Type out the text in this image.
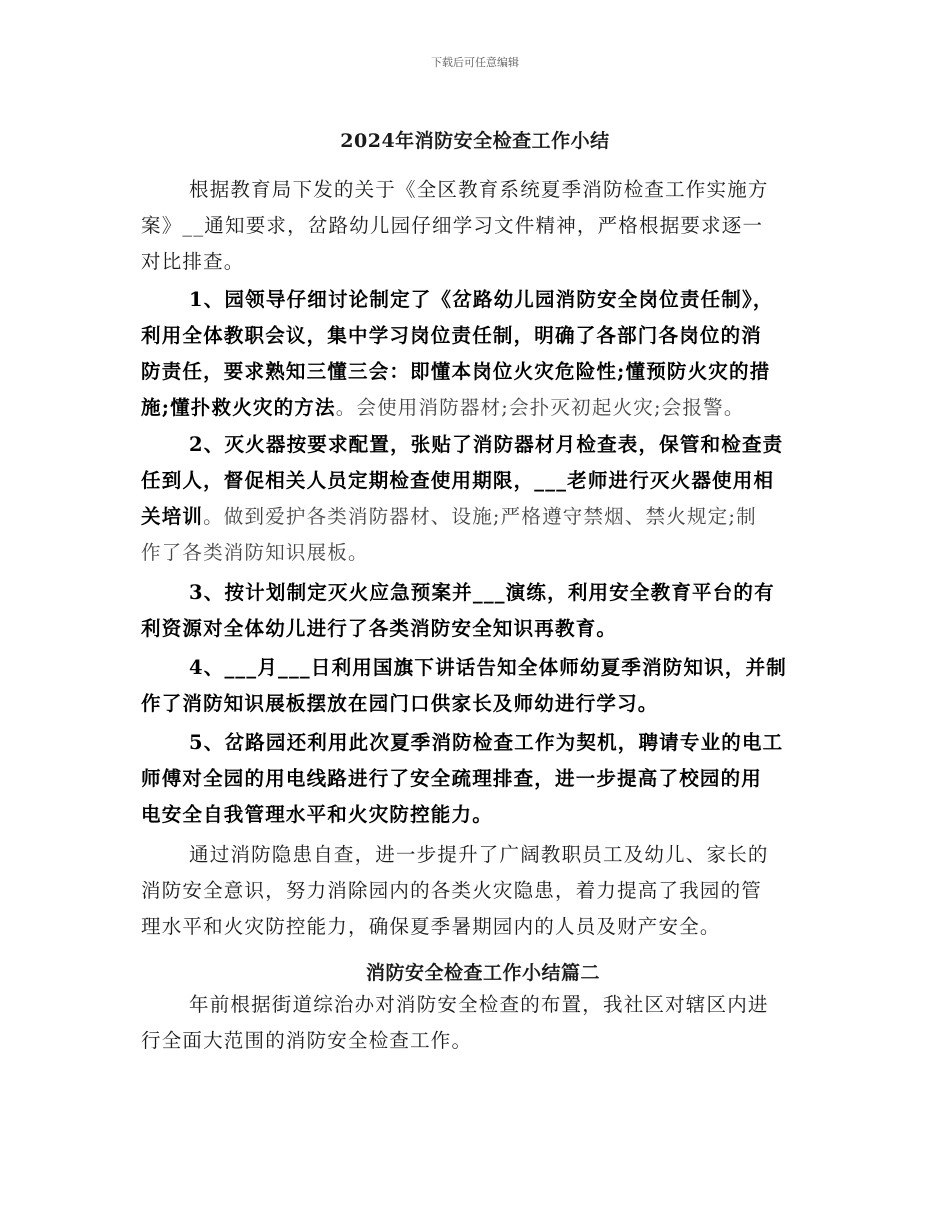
下载后可任意编辑
2024年消防安全检查工作小结
根据教育局下发的关于《全区教育系统夏季消防检查工作实施方
案》__通知要求，岔路幼儿园仔细学习文件精神，严格根据要求逐一
对比排查。
1、园领导仔细讨论制定了《岔路幼儿园消防安全岗位责任制》，
利用全体教职会议，集中学习岗位责任制，明确了各部门各岗位的消
防责任，要求熟知三懂三会：即懂本岗位火灾危险性;懂预防火灾的措
施;懂扑救火灾的方法。会使用消防器材;会扑灭初起火灾;会报警。
2、灭火器按要求配置，张贴了消防器材月检查表，保管和检查责
任到人，督促相关人员定期检查使用期限，___老师进行灭火器使用相
关培训。做到爱护各类消防器材、设施;严格遵守禁烟、禁火规定;制
作了各类消防知识展板。
3、按计划制定灭火应急预案并___演练，利用安全教育平台的有
利资源对全体幼儿进行了各类消防安全知识再教育。
4、___月___日利用国旗下讲话告知全体师幼夏季消防知识，并制
作了消防知识展板摆放在园门口供家长及师幼进行学习。
5、岔路园还利用此次夏季消防检查工作为契机，聘请专业的电工
师傅对全园的用电线路进行了安全疏理排查，进一步提高了校园的用
电安全自我管理水平和火灾防控能力。
通过消防隐患自查，进一步提升了广阔教职员工及幼儿、家长的
消防安全意识，努力消除园内的各类火灾隐患，着力提高了我园的管
理水平和火灾防控能力，确保夏季暑期园内的人员及财产安全。
消防安全检查工作小结篇二
年前根据街道综治办对消防安全检查的布置，我社区对辖区内进
行全面大范围的消防安全检查工作。
